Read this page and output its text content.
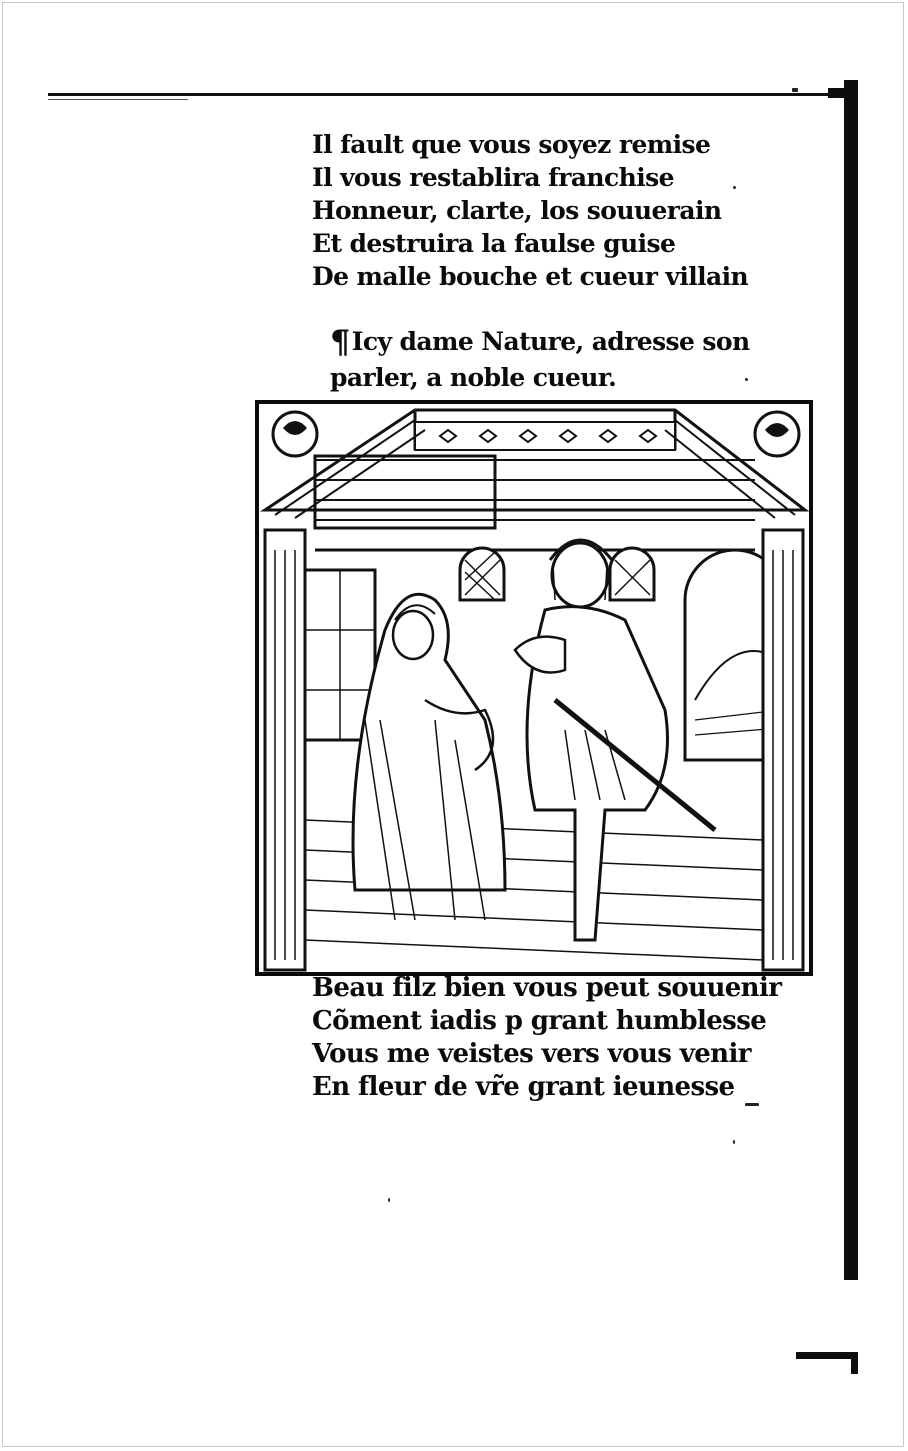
Il fault que vous soyez remise
Il vous restablira franchise
Honneur, clarte, los souuerain
Et destruira la faulse guise
De malle bouche et cueur villain
¶Icy dame Nature, adresse son
parler, a noble cueur.
Beau filz bien vous peut souuenir
Cõment iadis p grant humblesse
Vous me veistes vers vous venir
En fleur de vr̃e grant ieunesse
